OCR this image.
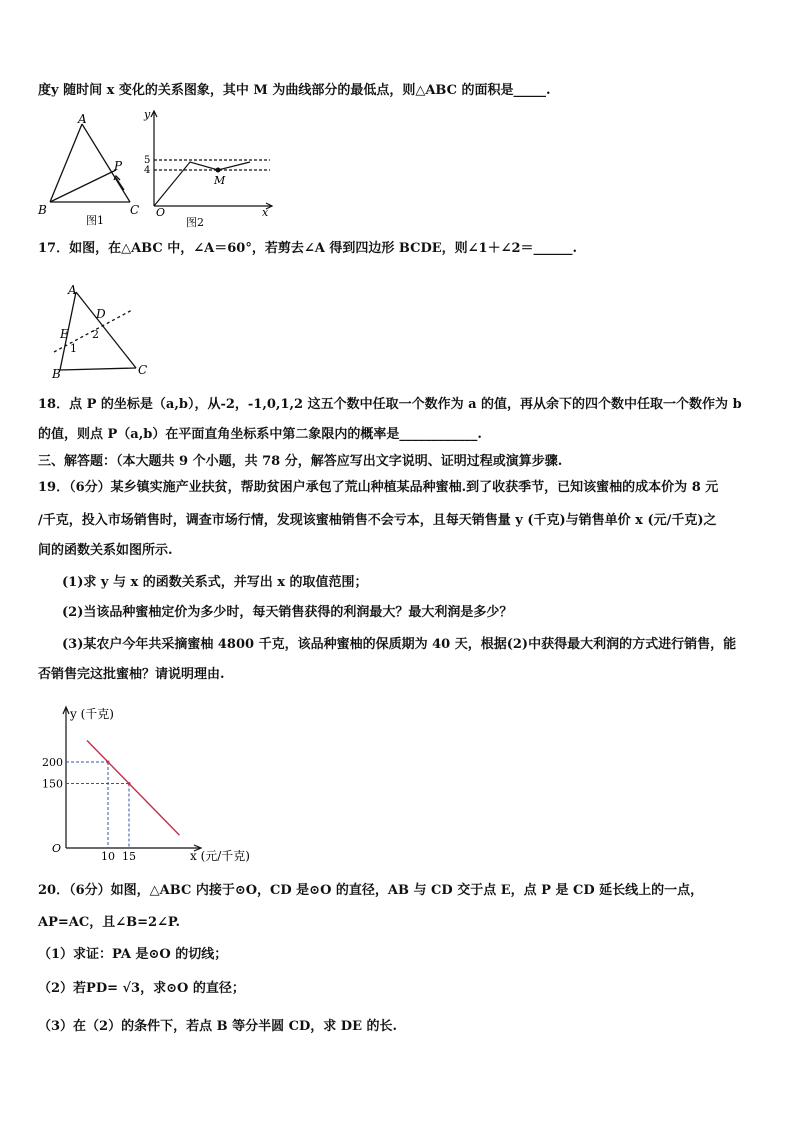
度y 随时间 x 变化的关系图象，其中 M 为曲线部分的最低点，则△ABC 的面积是_____.
A
B	C
P
图1
y
5
4
M
O	x
图2
17．如图，在△ABC 中，∠A＝60°，若剪去∠A 得到四边形 BCDE，则∠1＋∠2＝______.
A
D
E
1
2
B	C
18．点 P 的坐标是（a,b），从-2，-1,0,1,2 这五个数中任取一个数作为 a 的值，再从余下的四个数中任取一个数作为 b
的值，则点 P（a,b）在平面直角坐标系中第二象限内的概率是____________.
三、解答题：（本大题共 9 个小题，共 78 分，解答应写出文字说明、证明过程或演算步骤.
19．（6分）某乡镇实施产业扶贫，帮助贫困户承包了荒山种植某品种蜜柚.到了收获季节，已知该蜜柚的成本价为 8 元
/千克，投入市场销售时，调查市场行情，发现该蜜柚销售不会亏本，且每天销售量 y (千克)与销售单价 x (元/千克)之
间的函数关系如图所示.
(1)求 y 与 x 的函数关系式，并写出 x 的取值范围；
(2)当该品种蜜柚定价为多少时，每天销售获得的利润最大？最大利润是多少？
(3)某农户今年共采摘蜜柚 4800 千克，该品种蜜柚的保质期为 40 天，根据(2)中获得最大利润的方式进行销售，能
否销售完这批蜜柚？请说明理由.
y (千克)
x (元/千克)
O
10
200
15
150
20．（6分）如图，△ABC 内接于⊙O，CD 是⊙O 的直径，AB 与 CD 交于点 E，点 P 是 CD 延长线上的一点，
AP=AC，且∠B=2∠P.
（1）求证：PA 是⊙O 的切线；
（2）若PD= √3，求⊙O 的直径；
（3）在（2）的条件下，若点 B 等分半圆 CD，求 DE 的长.
